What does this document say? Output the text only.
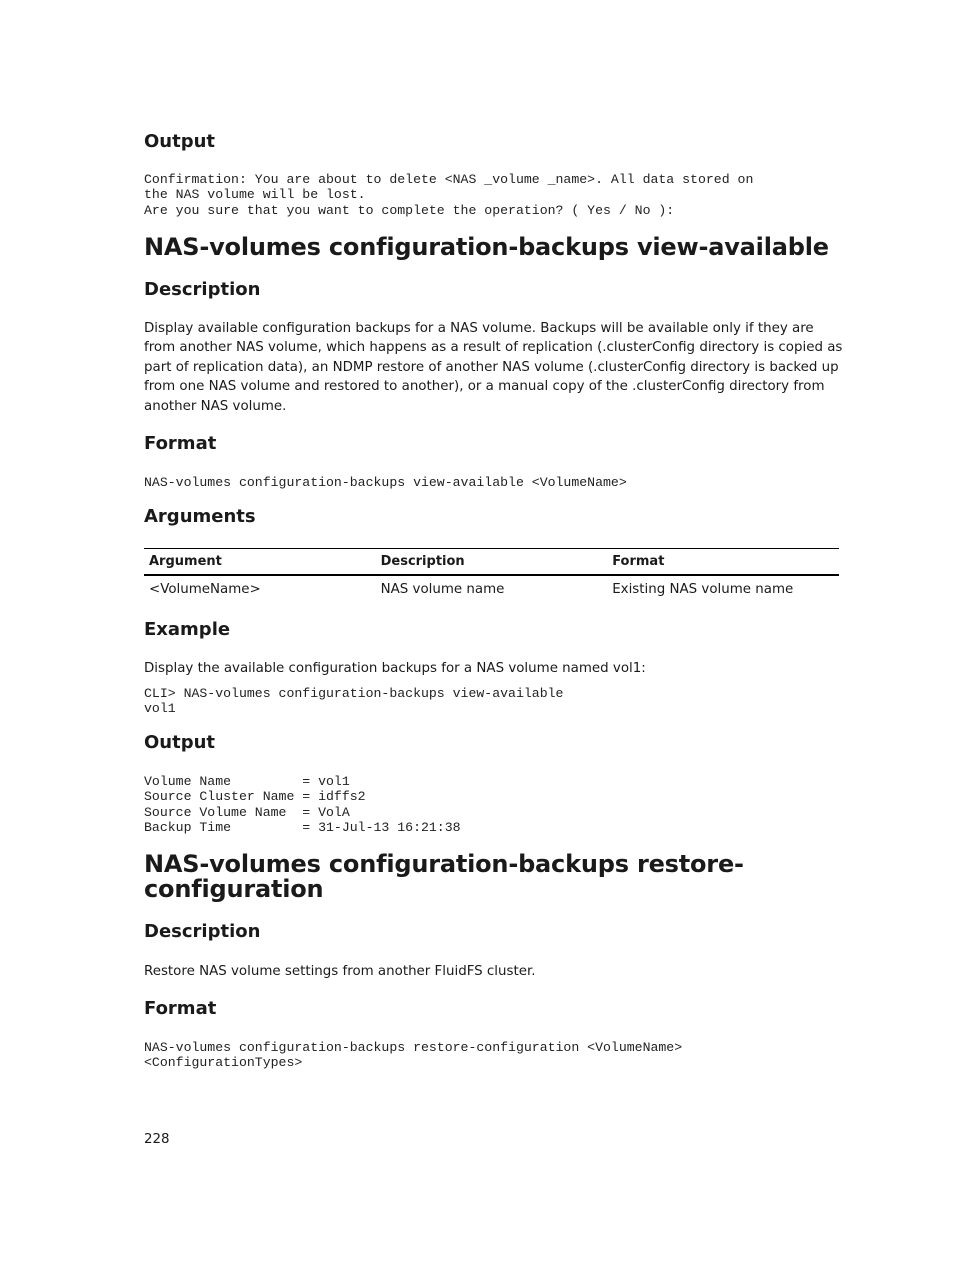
Output
Confirmation: You are about to delete <NAS _volume _name>. All data stored on
the NAS volume will be lost.
Are you sure that you want to complete the operation? ( Yes / No ):
NAS-volumes configuration-backups view-available
Description
Display available configuration backups for a NAS volume. Backups will be available only if they are from another NAS volume, which happens as a result of replication (.clusterConfig directory is copied as part of replication data), an NDMP restore of another NAS volume (.clusterConfig directory is backed up from one NAS volume and restored to another), or a manual copy of the .clusterConfig directory from another NAS volume.
Format
NAS-volumes configuration-backups view-available <VolumeName>
Arguments
Argument	Description	Format
<VolumeName>	NAS volume name	Existing NAS volume name
Example
Display the available configuration backups for a NAS volume named vol1:
CLI> NAS-volumes configuration-backups view-available
vol1
Output
Volume Name         = vol1
Source Cluster Name = idffs2
Source Volume Name  = VolA
Backup Time         = 31-Jul-13 16:21:38
NAS-volumes configuration-backups restore-
configuration
Description
Restore NAS volume settings from another FluidFS cluster.
Format
NAS-volumes configuration-backups restore-configuration <VolumeName>
<ConfigurationTypes>
228
